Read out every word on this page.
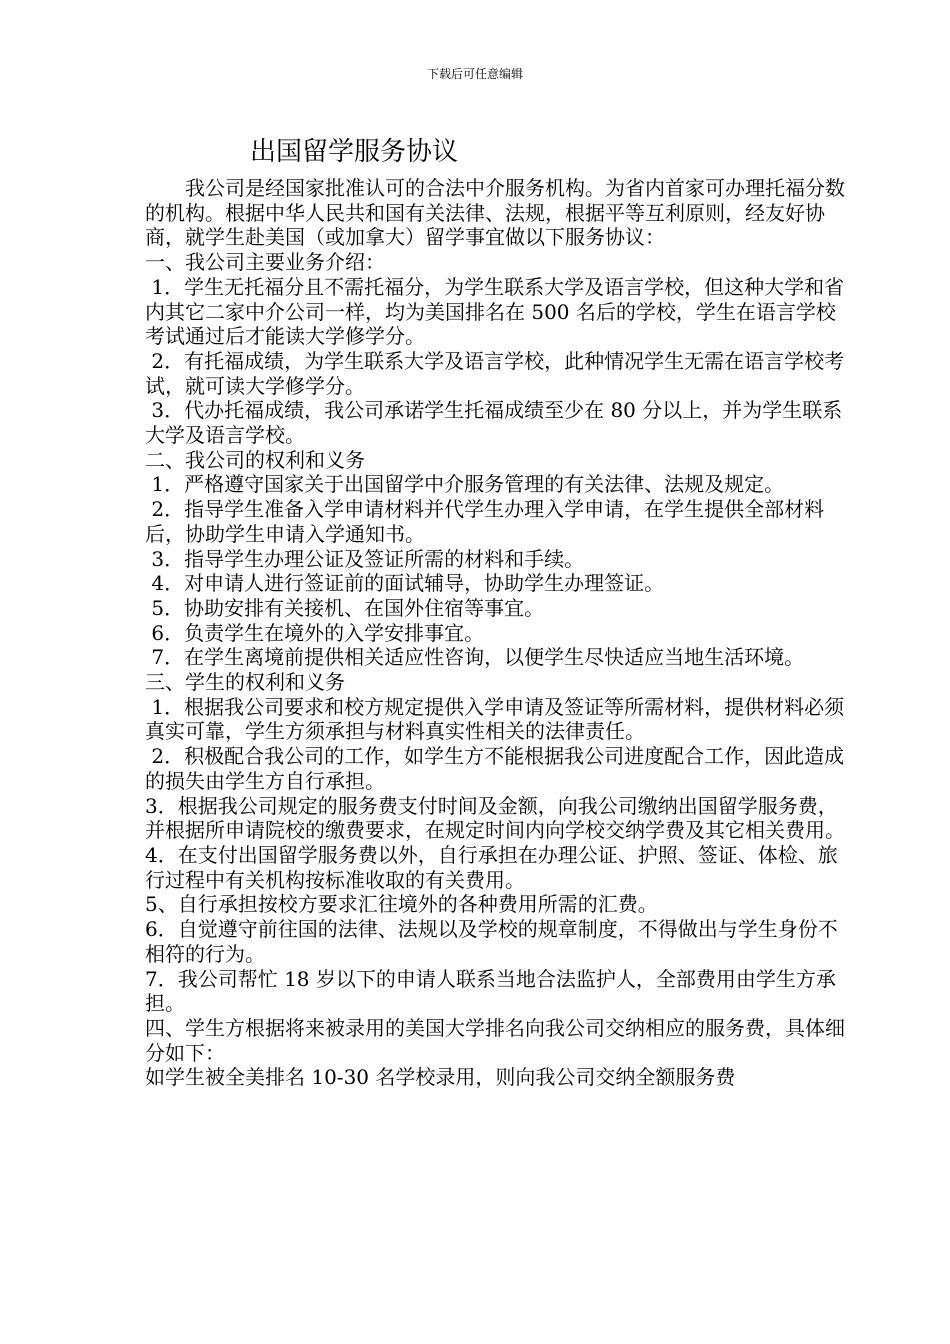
下载后可任意编辑
出国留学服务协议

　　我公司是经国家批准认可的合法中介服务机构。为省内首家可办理托福分数的机构。根据中华人民共和国有关法律、法规，根据平等互利原则，经友好协商，就学生赴美国（或加拿大）留学事宜做以下服务协议：

一、我公司主要业务介绍：

1．学生无托福分且不需托福分，为学生联系大学及语言学校，但这种大学和省内其它二家中介公司一样，均为美国排名在 500 名后的学校，学生在语言学校考试通过后才能读大学修学分。

2．有托福成绩，为学生联系大学及语言学校，此种情况学生无需在语言学校考试，就可读大学修学分。

3．代办托福成绩，我公司承诺学生托福成绩至少在 80 分以上，并为学生联系大学及语言学校。

二、我公司的权利和义务

1．严格遵守国家关于出国留学中介服务管理的有关法律、法规及规定。

2．指导学生准备入学申请材料并代学生办理入学申请，在学生提供全部材料后，协助学生申请入学通知书。

3．指导学生办理公证及签证所需的材料和手续。

4．对申请人进行签证前的面试辅导，协助学生办理签证。

5．协助安排有关接机、在国外住宿等事宜。

6．负责学生在境外的入学安排事宜。

7．在学生离境前提供相关适应性咨询，以便学生尽快适应当地生活环境。

三、学生的权利和义务

1．根据我公司要求和校方规定提供入学申请及签证等所需材料，提供材料必须真实可靠，学生方须承担与材料真实性相关的法律责任。

2．积极配合我公司的工作，如学生方不能根据我公司进度配合工作，因此造成的损失由学生方自行承担。

3．根据我公司规定的服务费支付时间及金额，向我公司缴纳出国留学服务费，并根据所申请院校的缴费要求，在规定时间内向学校交纳学费及其它相关费用。

4．在支付出国留学服务费以外，自行承担在办理公证、护照、签证、体检、旅行过程中有关机构按标准收取的有关费用。

5、自行承担按校方要求汇往境外的各种费用所需的汇费。

6．自觉遵守前往国的法律、法规以及学校的规章制度，不得做出与学生身份不相符的行为。

7．我公司帮忙 18 岁以下的申请人联系当地合法监护人，全部费用由学生方承担。

四、学生方根据将来被录用的美国大学排名向我公司交纳相应的服务费，具体细分如下：

如学生被全美排名 10-30 名学校录用，则向我公司交纳全额服务费
